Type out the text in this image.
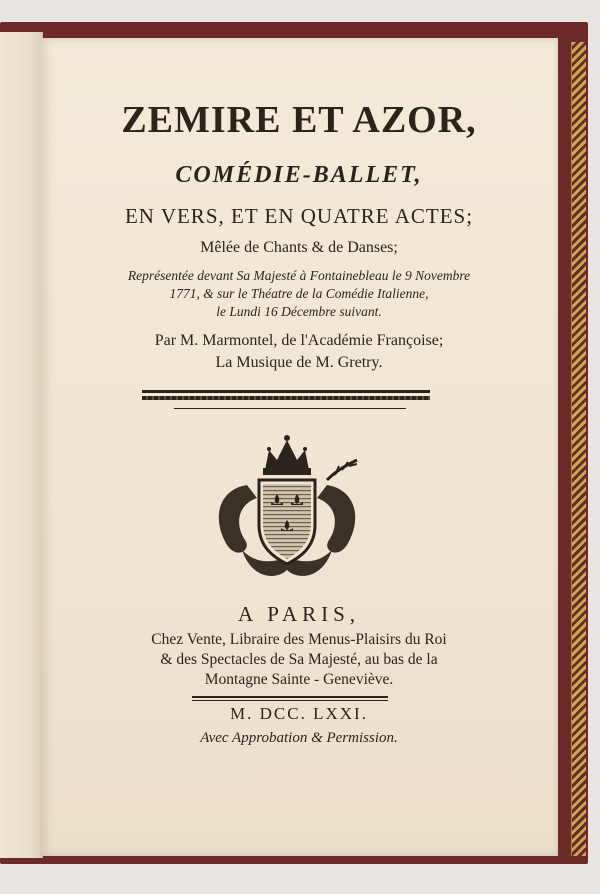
ZEMIRE ET AZOR,
COMÉDIE-BALLET,
EN VERS, ET EN QUATRE ACTES;
Mêlée de Chants & de Danses;
Représentée devant Sa Majesté à Fontainebleau le 9 Novembre
1771, & sur le Théatre de la Comédie Italienne,
le Lundi 16 Décembre suivant.
Par M. Marmontel, de l'Académie Françoise;
La Musique de M. Gretry.
A PARIS,
Chez Vente, Libraire des Menus-Plaisirs du Roi
& des Spectacles de Sa Majesté, au bas de la
Montagne Sainte - Geneviève.
M. DCC. LXXI.
Avec Approbation & Permission.
